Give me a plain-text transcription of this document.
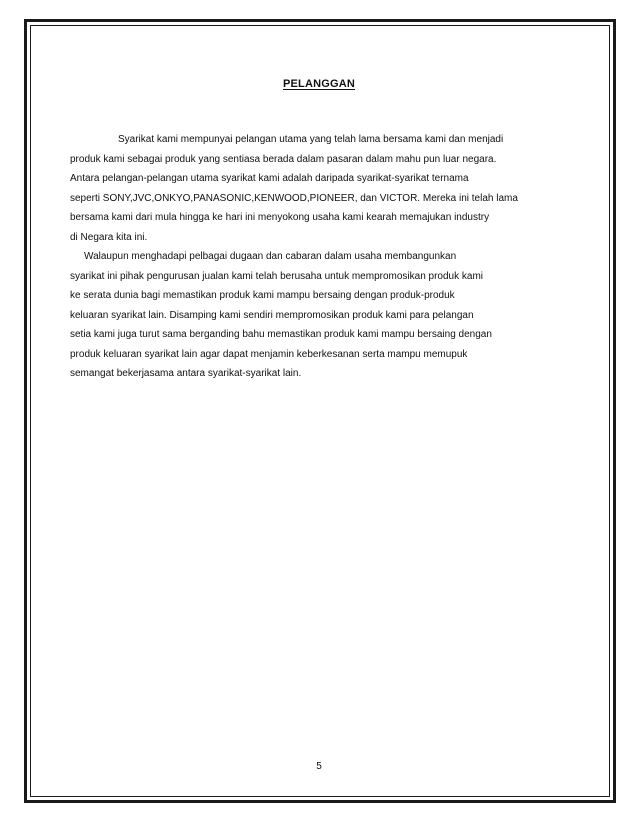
PELANGGAN
Syarikat kami mempunyai pelangan utama yang telah lama bersama kami dan menjadi
produk kami sebagai produk yang sentiasa berada dalam pasaran dalam mahu pun luar negara.
Antara pelangan-pelangan utama syarikat kami adalah daripada syarikat-syarikat ternama
seperti SONY,JVC,ONKYO,PANASONIC,KENWOOD,PIONEER, dan VICTOR. Mereka ini telah lama
bersama kami dari mula hingga ke hari ini menyokong usaha kami kearah memajukan industry
di Negara kita ini.
Walaupun menghadapi pelbagai dugaan dan cabaran dalam usaha membangunkan
syarikat ini pihak pengurusan jualan kami telah berusaha untuk mempromosikan produk kami
ke serata dunia bagi memastikan produk kami mampu bersaing dengan produk-produk
keluaran syarikat lain. Disamping kami sendiri mempromosikan produk kami para pelangan
setia kami juga turut sama berganding bahu memastikan produk kami mampu bersaing dengan
produk keluaran syarikat lain agar dapat menjamin keberkesanan serta mampu memupuk
semangat bekerjasama antara syarikat-syarikat lain.
5
